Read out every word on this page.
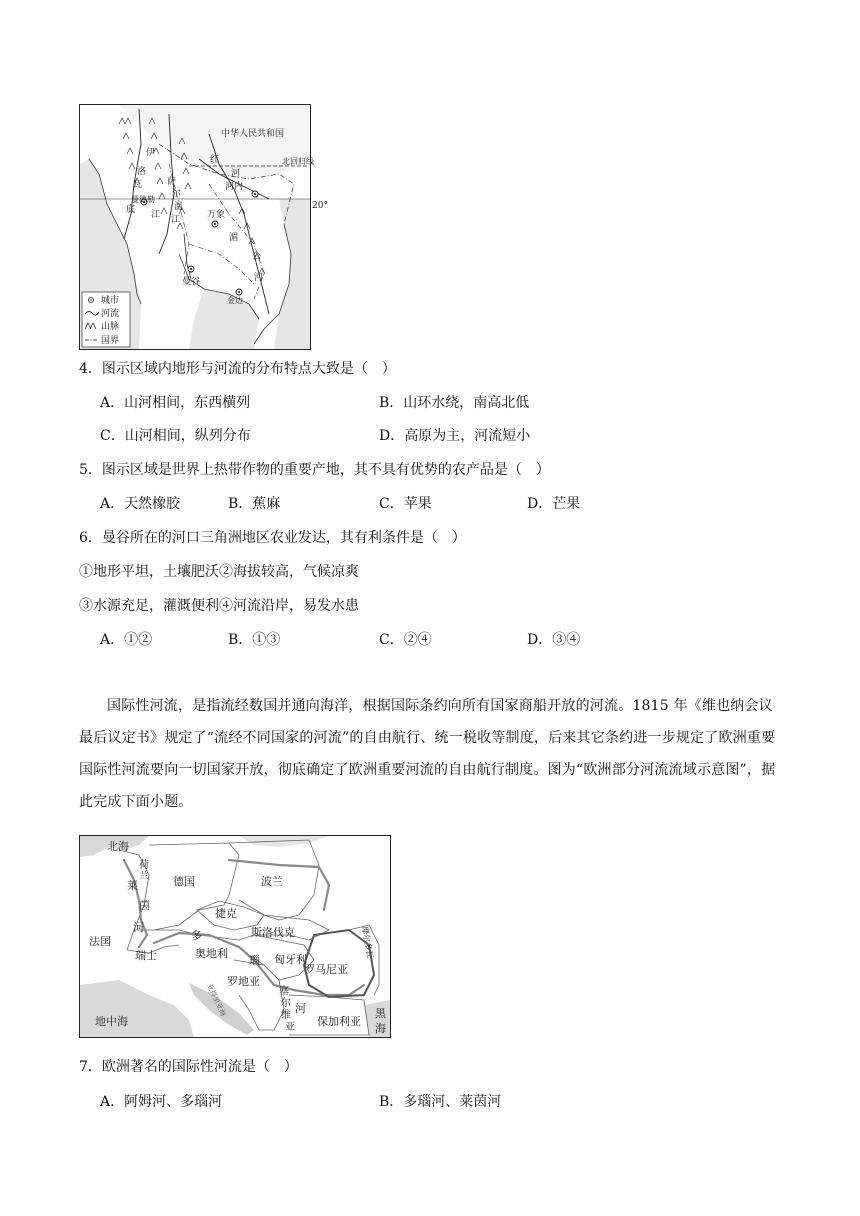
中华人民共和国
北回归线
20°
河内
万象
曼谷
金边
红
河
湄
公
河
伊
洛
瓦
底 江
萨
尔
温
江
曼德勒
城市
河流
山脉
国界
4．图示区域内地形与河流的分布特点大致是（　）
A．山河相间，东西横列	B．山环水绕，南高北低
C．山河相间，纵列分布	D．高原为主，河流短小
5．图示区域是世界上热带作物的重要产地，其不具有优势的农产品是（　）
A．天然橡胶	B．蕉麻	C．苹果	D．芒果
6．曼谷所在的河口三角洲地区农业发达，其有利条件是（　）
①地形平坦，土壤肥沃②海拔较高，气候凉爽
③水源充足，灌溉便利④河流沿岸，易发水患
A．①②	B．①③	C．②④	D．③④
国际性河流，是指流经数国并通向海洋，根据国际条约向所有国家商船开放的河流。1815 年《维也纳会议最后议定书》规定了“流经不同国家的河流”的自由航行、统一税收等制度，后来其它条约进一步规定了欧洲重要国际性河流要向一切国家开放，彻底确定了欧洲重要河流的自由航行制度。图为“欧洲部分河流流域示意图”，据此完成下面小题。
北海
荷
兰 德国	波兰
捷克
法国
瑞士	奥地利
斯洛伐克
匈牙利
罗马尼亚
罗地亚
塞
尔
维
亚 保加利亚
地中海
黑
海
莱
茵
河
多
瑙
河
摩尔多瓦
亚得里亚海
7．欧洲著名的国际性河流是（　）
A．阿姆河、多瑙河	B．多瑙河、莱茵河
